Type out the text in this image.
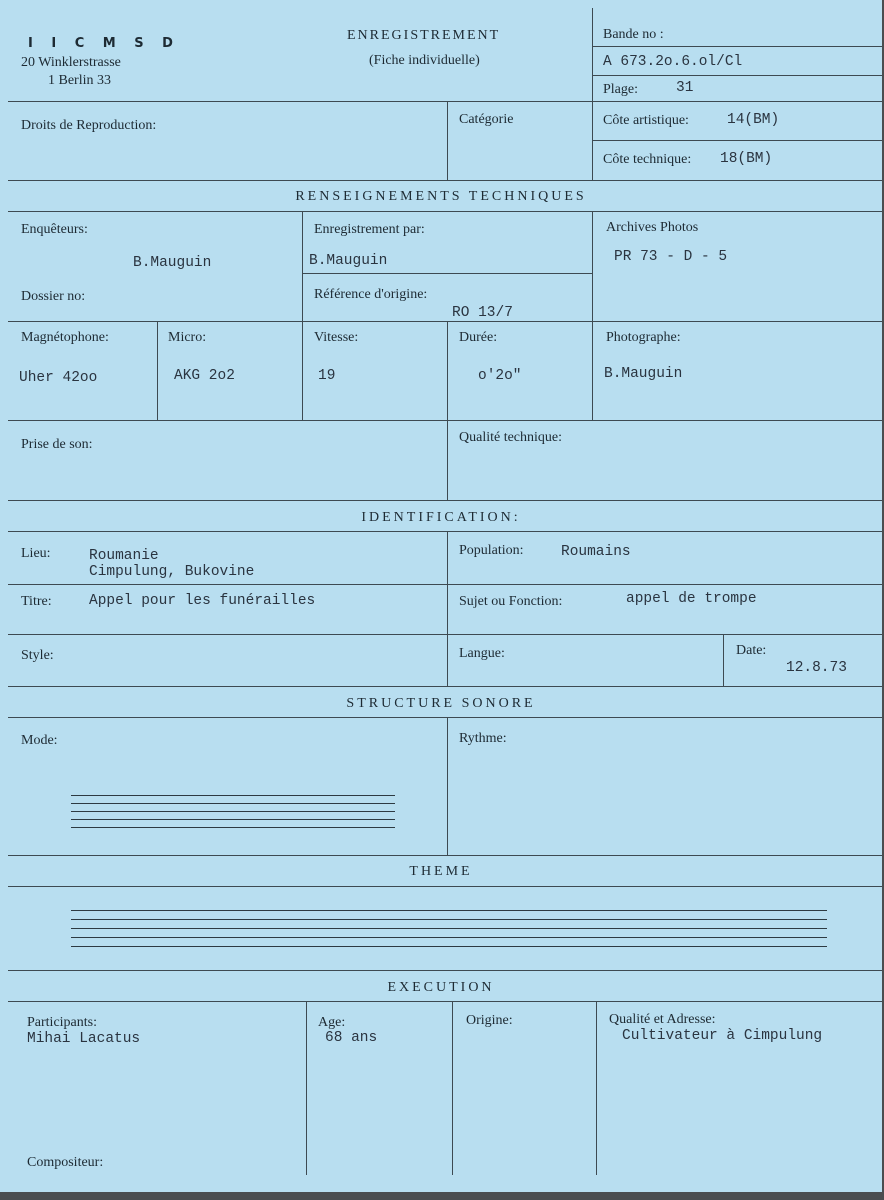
I I C M S D
20 Winklerstrasse
1 Berlin 33
ENREGISTREMENT
(Fiche individuelle)
Bande no :
A 673.2o.6.ol/Cl
Plage:	31
Droits de Reproduction:	Catégorie	Côte artistique:	14(BM)
Côte technique: 18(BM)
RENSEIGNEMENTS TECHNIQUES
Enquêteurs:
B.Mauguin
Enregistrement par:
B.Mauguin
Archives Photos
PR 73 - D - 5
Dossier no:	Référence d'origine:
RO 13/7
Magnétophone:
Uher 42oo
Micro:
AKG 2o2
Vitesse:
19
Durée:
o'2o"
Photographe:
B.Mauguin
Prise de son:	Qualité technique:
IDENTIFICATION:
Lieu:	Roumanie
Cimpulung, Bukovine
Population:	Roumains
Titre:	Appel pour les funérailles	Sujet ou Fonction:	appel de trompe
Style:	Langue:	Date:
12.8.73
STRUCTURE SONORE
Mode:	Rythme:
THEME
EXECUTION
Participants:
Mihai Lacatus
Age:
68 ans
Origine:	Qualité et Adresse:
Cultivateur à Cimpulung
Compositeur:
